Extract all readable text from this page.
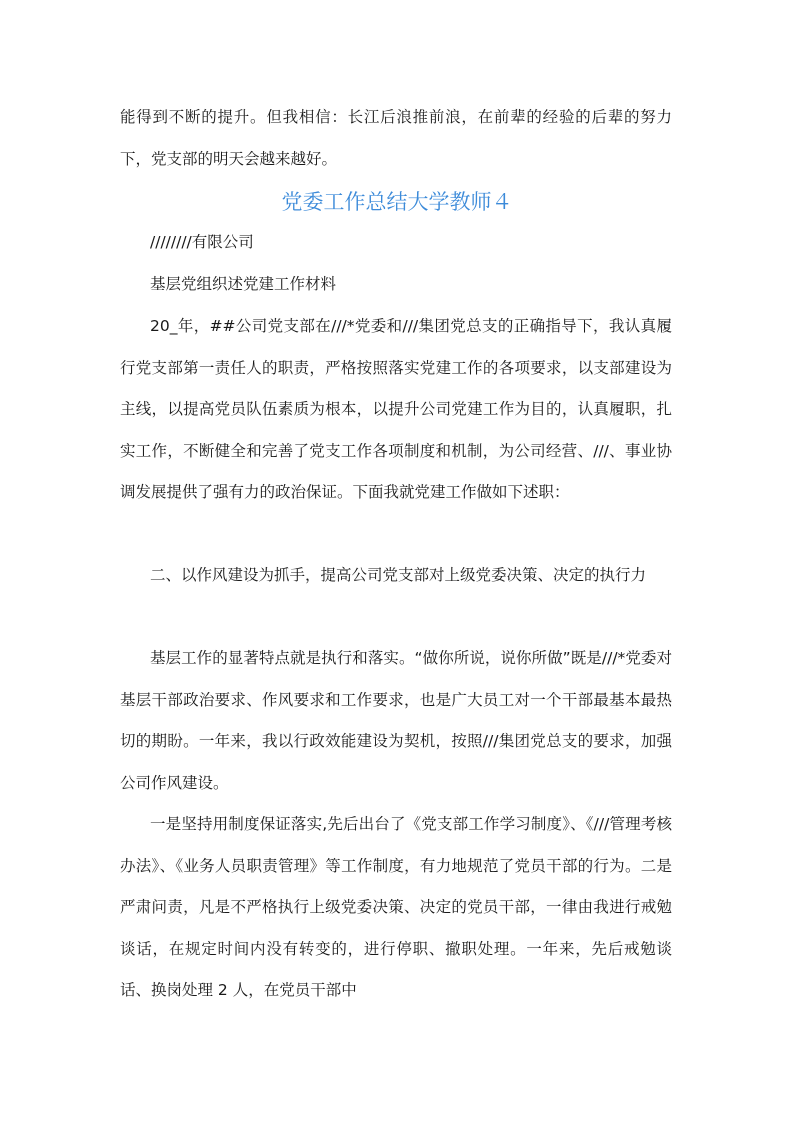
能得到不断的提升。但我相信：长江后浪推前浪，在前辈的经验的后辈的努力下，党支部的明天会越来越好。

党委工作总结大学教师４

////////有限公司

基层党组织述党建工作材料

20_年，##公司党支部在///*党委和///集团党总支的正确指导下，我认真履行党支部第一责任人的职责，严格按照落实党建工作的各项要求，以支部建设为主线，以提高党员队伍素质为根本，以提升公司党建工作为目的，认真履职，扎实工作，不断健全和完善了党支工作各项制度和机制，为公司经营、///、事业协调发展提供了强有力的政治保证。下面我就党建工作做如下述职：

二、以作风建设为抓手，提高公司党支部对上级党委决策、决定的执行力

基层工作的显著特点就是执行和落实。“做你所说，说你所做”既是///*党委对基层干部政治要求、作风要求和工作要求，也是广大员工对一个干部最基本最热切的期盼。一年来，我以行政效能建设为契机，按照///集团党总支的要求，加强公司作风建设。

一是坚持用制度保证落实,先后出台了《党支部工作学习制度》、《///管理考核办法》、《业务人员职责管理》等工作制度，有力地规范了党员干部的行为。二是严肃问责，凡是不严格执行上级党委决策、决定的党员干部，一律由我进行戒勉谈话，在规定时间内没有转变的，进行停职、撤职处理。一年来，先后戒勉谈话、换岗处理 2 人，在党员干部中
